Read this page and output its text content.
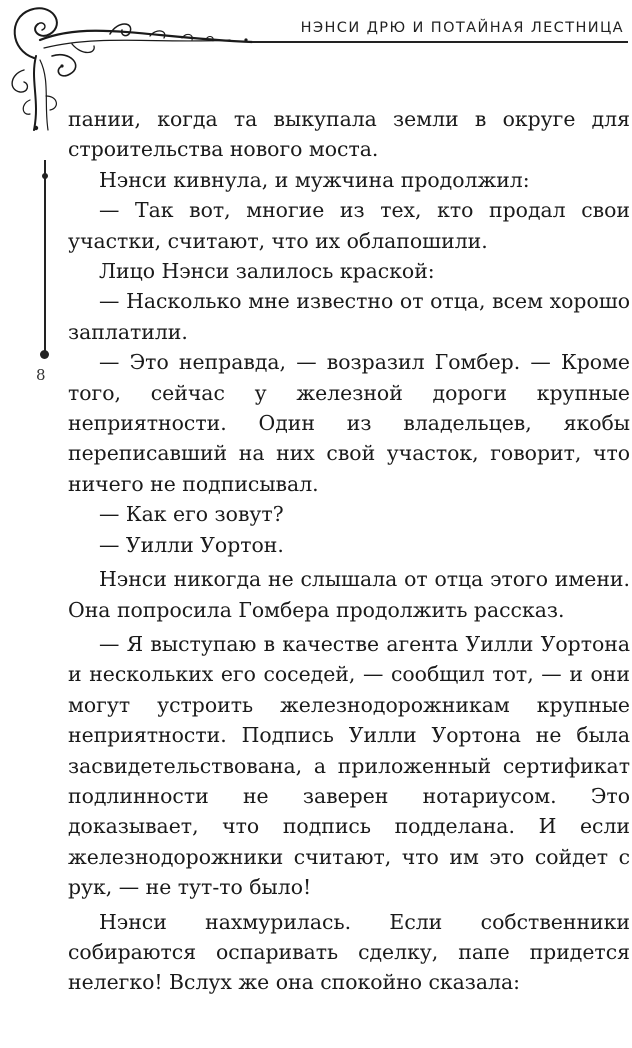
НЭНСИ ДРЮ И ПОТАЙНАЯ ЛЕСТНИЦА
8

пании, когда та выкупала земли в округе для строительства нового моста.

Нэнси кивнула, и мужчина продолжил:

— Так вот, многие из тех, кто продал свои участки, считают, что их облапошили.

Лицо Нэнси залилось краской:

— Насколько мне известно от отца, всем хорошо заплатили.

— Это неправда, — возразил Гомбер. — Кроме того, сейчас у железной дороги крупные неприятности. Один из владельцев, якобы переписавший на них свой участок, говорит, что ничего не подписывал.

— Как его зовут?

— Уилли Уортон.

Нэнси никогда не слышала от отца этого имени. Она попросила Гомбера продолжить рассказ.

— Я выступаю в качестве агента Уилли Уортона и нескольких его соседей, — сообщил тот, — и они могут устроить железнодорожникам крупные неприятности. Подпись Уилли Уортона не была засвидетельствована, а приложенный сертификат подлинности не заверен нотариусом. Это доказывает, что подпись подделана. И если железнодорожники считают, что им это сойдет с рук, — не тут-то было!

Нэнси нахмурилась. Если собственники собираются оспаривать сделку, папе придется нелегко! Вслух же она спокойно сказала:
